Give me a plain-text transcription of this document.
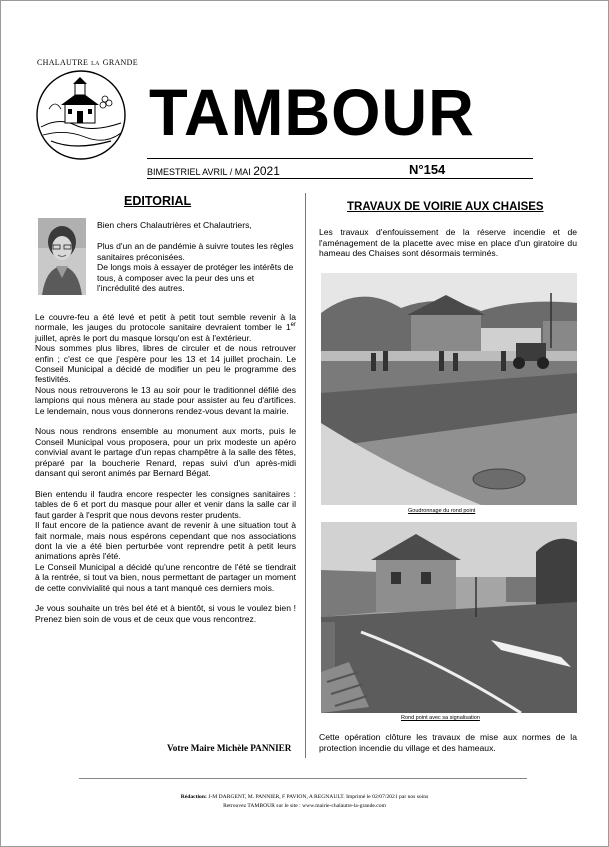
CHALAUTRE LA GRANDE
TAMBOUR
BIMESTRIEL AVRIL / MAI 2021	N°154
EDITORIAL

Bien chers Chalautrières et Chalautriers,

Plus d'un an de pandémie à suivre toutes les règles sanitaires préconisées.

De longs mois à essayer de protéger les intérêts de tous, à composer avec la peur des uns et l'incrédulité des autres.

Le couvre-feu a été levé et petit à petit tout semble revenir à la normale, les jauges du protocole sanitaire devraient tomber le 1er juillet, après le port du masque lorsqu'on est à l'extérieur.

Nous sommes plus libres, libres de circuler et de nous retrouver enfin ; c'est ce que j'espère pour les 13 et 14 juillet prochain. Le Conseil Municipal a décidé de modifier un peu le programme des festivités.

Nous nous retrouverons le 13 au soir pour le traditionnel défilé des lampions qui nous mènera au stade pour assister au feu d'artifices. Le lendemain, nous vous donnerons rendez-vous devant la mairie.

Nous nous rendrons ensemble au monument aux morts, puis le Conseil Municipal vous proposera, pour un prix modeste un apéro convivial avant le partage d'un repas champêtre à la salle des fêtes, préparé par la boucherie Renard, repas suivi d'un après-midi dansant qui seront animés par Bernard Bégat.

Bien entendu il faudra encore respecter les consignes sanitaires : tables de 6 et port du masque pour aller et venir dans la salle car il faut garder à l'esprit que nous devons rester prudents.

Il faut encore de la patience avant de revenir à une situation tout à fait normale, mais nous espérons cependant que nos associations dont la vie a été bien perturbée vont reprendre petit à petit leurs animations après l'été.

Le Conseil Municipal a décidé qu'une rencontre de l'été se tiendrait à la rentrée, si tout va bien, nous permettant de partager un moment de cette convivialité qui nous a tant manqué ces derniers mois.

Je vous souhaite un très bel été et à bientôt, si vous le voulez bien ! Prenez bien soin de vous et de ceux que vous rencontrez.

Votre Maire Michèle PANNIER
TRAVAUX DE VOIRIE AUX CHAISES
Les travaux d'enfouissement de la réserve incendie et de l'aménagement de la placette avec mise en place d'un giratoire du hameau des Chaises sont désormais terminés.
Goudronnage du rond point
Rond point avec sa signalisation
Cette opération clôture les travaux de mise aux normes de la protection incendie du village et des hameaux.
Rédaction: J-M DARGENT, M. PANNIER, F PAVION, A REGNAULT. Imprimé le 02/07/2021 par nos soins
Retrouvez TAMBOUR sur le site : www.mairie-chalautre-la-grande.com
